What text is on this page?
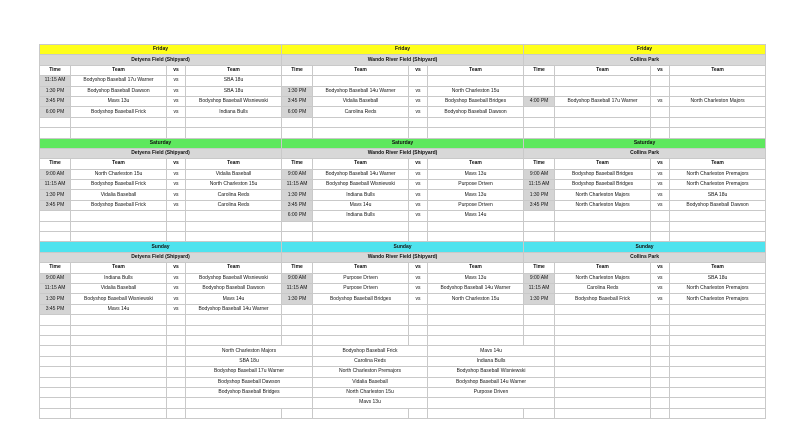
Friday				Friday				Friday			
Detyens Field (Shipyard)				Wando River Field (Shipyard)				Collins Park			
Time	Team	vs	Team	Time	Team	vs	Team	Time	Team	vs	Team
11:15 AM	Bodyshop Baseball 17u Warner	vs	SBA 18u								
1:30 PM	Bodyshop Baseball Dawson	vs	SBA 18u	1:30 PM	Bodyshop Baseball 14u Warner	vs	North Charleston 15u				
3:45 PM	Mavs 13u	vs	Bodyshop Baseball Wisniewski	3:45 PM	Vidalia Baseball	vs	Bodyshop Baseball Bridges	4:00 PM	Bodyshop Baseball 17u Warner	vs	North Charleston Majors
6:00 PM	Bodyshop Baseball Frick	vs	Indiana Bulls	6:00 PM	Carolina Reds	vs	Bodyshop Baseball Dawson				

Saturday				Saturday				Saturday			
Detyens Field (Shipyard)				Wando River Field (Shipyard)				Collins Park			
Time	Team	vs	Team	Time	Team	vs	Team	Time	Team	vs	Team
9:00 AM	North Charleston 15u	vs	Vidalia Baseball	9:00 AM	Bodyshop Baseball 14u Warner	vs	Mavs 13u	9:00 AM	Bodyshop Baseball Bridges	vs	North Charleston Premajors
11:15 AM	Bodyshop Baseball Frick	vs	North Charleston 15u	11:15 AM	Bodyshop Baseball Wisniewski	vs	Purpose Driven	11:15 AM	Bodyshop Baseball Bridges	vs	North Charleston Premajors
1:30 PM	Vidalia Baseball	vs	Carolina Reds	1:30 PM	Indiana Bulls	vs	Mavs 13u	1:30 PM	North Charleston Majors	vs	SBA 18u
3:45 PM	Bodyshop Baseball Frick	vs	Carolina Reds	3:45 PM	Mavs 14u	vs	Purpose Driven	3:45 PM	North Charleston Majors	vs	Bodyshop Baseball Dawson
				6:00 PM	Indiana Bulls	vs	Mavs 14u				

Sunday				Sunday				Sunday			
Detyens Field (Shipyard)				Wando River Field (Shipyard)				Collins Park			
Time	Team	vs	Team	Time	Team	vs	Team	Time	Team	vs	Team
9:00 AM	Indiana Bulls	vs	Bodyshop Baseball Wisniewski	9:00 AM	Purpose Driven	vs	Mavs 13u	9:00 AM	North Charleston Majors	vs	SBA 18u
11:15 AM	Vidalia Baseball	vs	Bodyshop Baseball Dawson	11:15 AM	Purpose Driven	vs	Bodyshop Baseball 14u Warner	11:15 AM	Carolina Reds	vs	North Charleston Premajors
1:30 PM	Bodyshop Baseball Wisniewski	vs	Mavs 14u	1:30 PM	Bodyshop Baseball Bridges	vs	North Charleston 15u	1:30 PM	Bodyshop Baseball Frick	vs	North Charleston Premajors
3:45 PM	Mavs 14u	vs	Bodyshop Baseball 14u Warner								

			North Charleston Majors		Bodyshop Baseball Frick		Mavs 14u				
			SBA 18u		Carolina Reds		Indiana Bulls				
			Bodyshop Baseball 17u Warner		North Charleston Premajors		Bodyshop Baseball Wisniewski				
			Bodyshop Baseball Dawson		Vidalia Baseball		Bodyshop Baseball 14u Warner				
			Bodyshop Baseball Bridges		North Charleston 15u		Purpose Driven				
					Mavs 13u						
